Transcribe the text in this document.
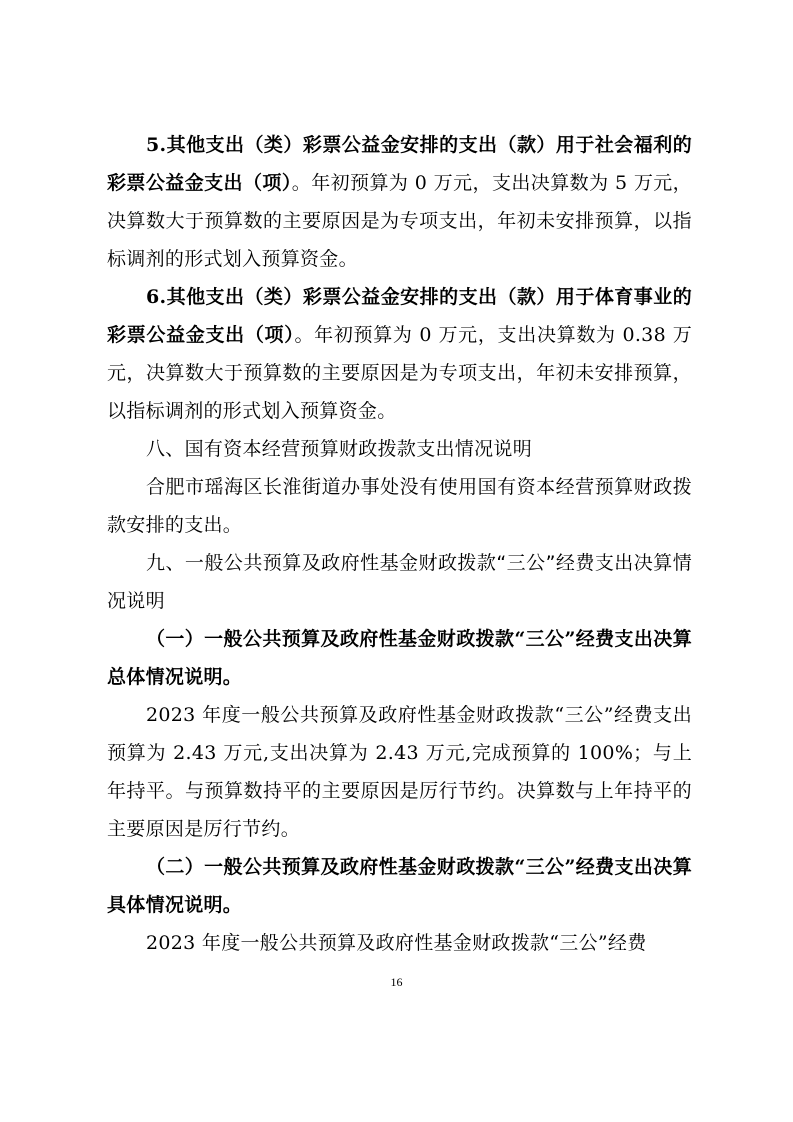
5.其他支出（类）彩票公益金安排的支出（款）用于社会福利的彩票公益金支出（项）。年初预算为 0 万元，支出决算数为 5 万元，决算数大于预算数的主要原因是为专项支出，年初未安排预算，以指标调剂的形式划入预算资金。

6.其他支出（类）彩票公益金安排的支出（款）用于体育事业的彩票公益金支出（项）。年初预算为 0 万元，支出决算数为 0.38 万元，决算数大于预算数的主要原因是为专项支出，年初未安排预算，以指标调剂的形式划入预算资金。

八、国有资本经营预算财政拨款支出情况说明

合肥市瑶海区长淮街道办事处没有使用国有资本经营预算财政拨款安排的支出。

九、一般公共预算及政府性基金财政拨款“三公”经费支出决算情况说明

（一）一般公共预算及政府性基金财政拨款“三公”经费支出决算总体情况说明。

2023 年度一般公共预算及政府性基金财政拨款“三公”经费支出预算为 2.43 万元,支出决算为 2.43 万元,完成预算的 100%；与上年持平。与预算数持平的主要原因是厉行节约。决算数与上年持平的主要原因是厉行节约。

（二）一般公共预算及政府性基金财政拨款“三公”经费支出决算具体情况说明。

2023 年度一般公共预算及政府性基金财政拨款“三公”经费

16
